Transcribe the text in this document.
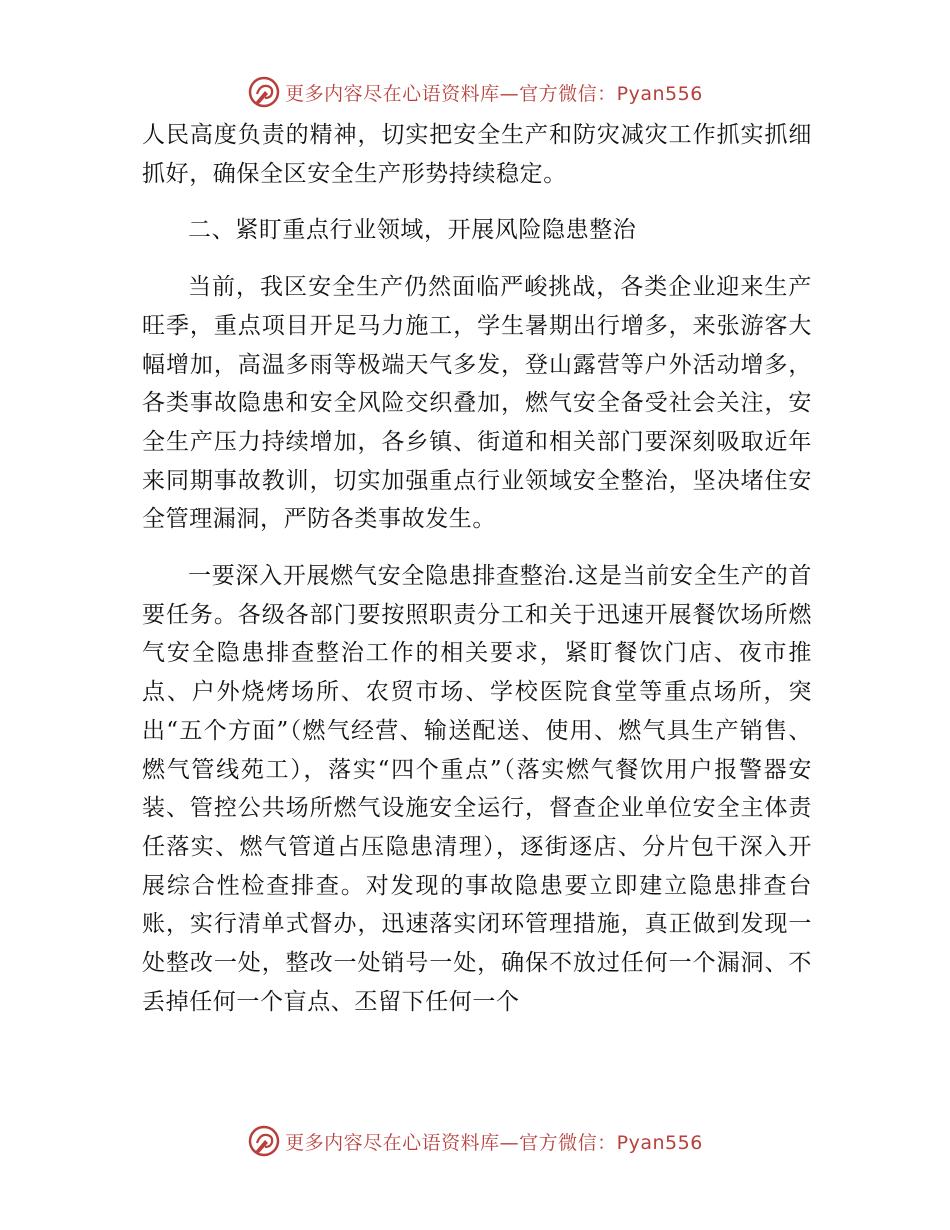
更多内容尽在心语资料库—官方微信：Pyan556

人民高度负责的精神，切实把安全生产和防灾减灾工作抓实抓细抓好，确保全区安全生产形势持续稳定。

二、紧盯重点行业领域，开展风险隐患整治

当前，我区安全生产仍然面临严峻挑战，各类企业迎来生产旺季，重点项目开足马力施工，学生暑期出行增多，来张游客大幅增加，高温多雨等极端天气多发，登山露营等户外活动增多，各类事故隐患和安全风险交织叠加，燃气安全备受社会关注，安全生产压力持续增加，各乡镇、街道和相关部门要深刻吸取近年来同期事故教训，切实加强重点行业领域安全整治，坚决堵住安全管理漏洞，严防各类事故发生。

一要深入开展燃气安全隐患排查整治.这是当前安全生产的首要任务。各级各部门要按照职责分工和关于迅速开展餐饮场所燃气安全隐患排查整治工作的相关要求，紧盯餐饮门店、夜市推点、户外烧烤场所、农贸市场、学校医院食堂等重点场所，突出“五个方面”（燃气经营、输送配送、使用、燃气具生产销售、燃气管线苑工），落实“四个重点”（落实燃气餐饮用户报警器安装、管控公共场所燃气设施安全运行，督查企业单位安全主体责任落实、燃气管道占压隐患清理），逐街逐店、分片包干深入开展综合性检查排查。对发现的事故隐患要立即建立隐患排查台账，实行清单式督办，迅速落实闭环管理措施，真正做到发现一处整改一处，整改一处销号一处，确保不放过任何一个漏洞、不丢掉任何一个盲点、丕留下任何一个

更多内容尽在心语资料库—官方微信：Pyan556
